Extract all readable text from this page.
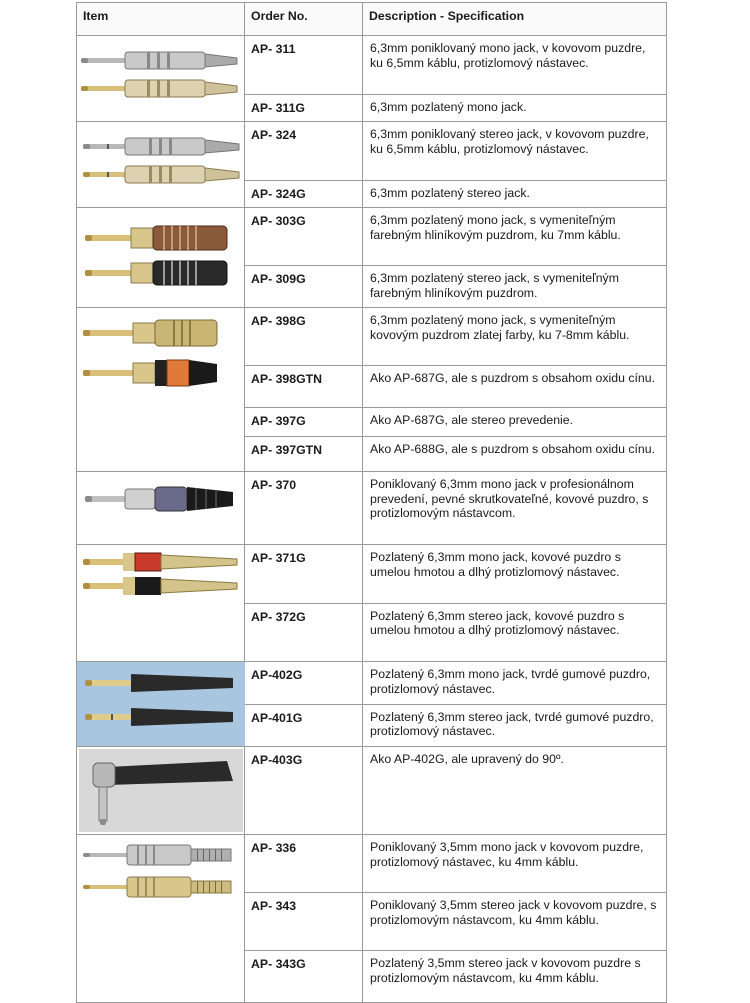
Item	Order No.	Description - Specification

	AP- 311	6,3mm poniklovaný mono jack, v kovovom puzdre, ku 6,5mm káblu, protizlomový nástavec.
	AP- 311G	6,3mm pozlatený mono jack.

	AP- 324	6,3mm poniklovaný stereo jack, v kovovom puzdre, ku 6,5mm káblu, protizlomový nástavec.
	AP- 324G	6,3mm pozlatený stereo jack.

	AP- 303G	6,3mm pozlatený mono jack, s vymeniteľným farebným hliníkovým puzdrom, ku 7mm káblu.
	AP- 309G	6,3mm pozlatený stereo jack, s vymeniteľným farebným hliníkovým puzdrom.

	AP- 398G	6,3mm pozlatený mono jack, s vymeniteľným kovovým puzdrom zlatej farby, ku 7-8mm káblu.
	AP- 398GTN	Ako AP-687G, ale s puzdrom s obsahom oxidu cínu.
	AP- 397G	Ako AP-687G, ale stereo prevedenie.
	AP- 397GTN	Ako AP-688G, ale s puzdrom s obsahom oxidu cínu.

	AP- 370	Poniklovaný 6,3mm mono jack v profesionálnom prevedení, pevné skrutkovateľné, kovové puzdro, s protizlomovým nástavcom.

	AP- 371G	Pozlatený 6,3mm mono jack, kovové puzdro s umelou hmotou a dlhý protizlomový nástavec.
	AP- 372G	Pozlatený 6,3mm stereo jack, kovové puzdro s umelou hmotou a dlhý protizlomový nástavec.

	AP-402G	Pozlatený 6,3mm mono jack, tvrdé gumové puzdro, protizlomový nástavec.
	AP-401G	Pozlatený 6,3mm stereo jack, tvrdé gumové puzdro, protizlomový nástavec.

	AP-403G	Ako AP-402G, ale upravený do 90º.

	AP- 336	Poniklovaný 3,5mm mono jack v kovovom puzdre, protizlomový nástavec, ku 4mm káblu.
	AP- 343	Poniklovaný 3,5mm stereo jack v kovovom puzdre, s protizlomovým nástavcom, ku 4mm káblu.
	AP- 343G	Pozlatený 3,5mm stereo jack v kovovom puzdre s protizlomovým nástavcom, ku 4mm káblu.
